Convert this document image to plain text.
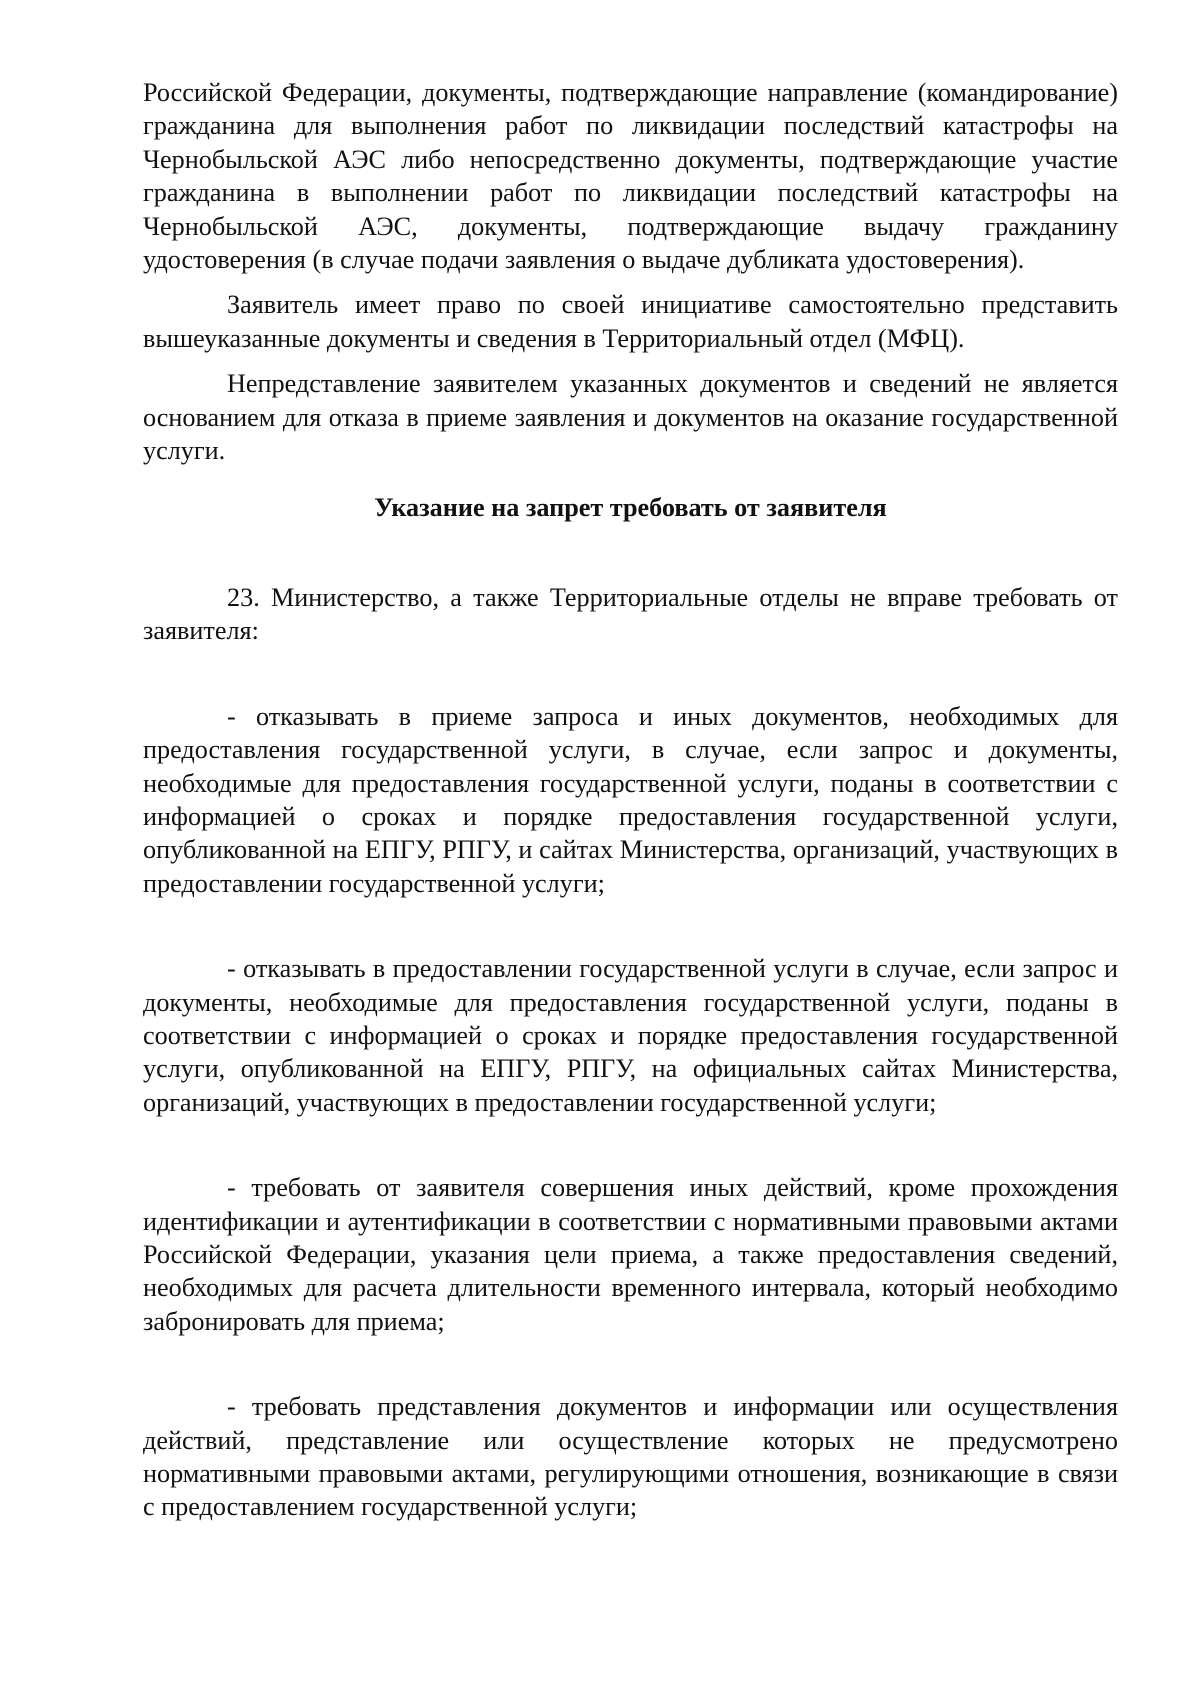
Российской Федерации, документы, подтверждающие направление (командирование) гражданина для выполнения работ по ликвидации последствий катастрофы на Чернобыльской АЭС либо непосредственно документы, подтверждающие участие гражданина в выполнении работ по ликвидации последствий катастрофы на Чернобыльской АЭС, документы, подтверждающие выдачу гражданину удостоверения (в случае подачи заявления о выдаче дубликата удостоверения).

Заявитель имеет право по своей инициативе самостоятельно представить вышеуказанные документы и сведения в Территориальный отдел (МФЦ).

Непредставление заявителем указанных документов и сведений не является основанием для отказа в приеме заявления и документов на оказание государственной услуги.

Указание на запрет требовать от заявителя

23. Министерство, а также Территориальные отделы не вправе требовать от заявителя:

- отказывать в приеме запроса и иных документов, необходимых для предоставления государственной услуги, в случае, если запрос и документы, необходимые для предоставления государственной услуги, поданы в соответствии с информацией о сроках и порядке предоставления государственной услуги, опубликованной на ЕПГУ, РПГУ, и сайтах Министерства, организаций, участвующих в предоставлении государственной услуги;

- отказывать в предоставлении государственной услуги в случае, если запрос и документы, необходимые для предоставления государственной услуги, поданы в соответствии с информацией о сроках и порядке предоставления государственной услуги, опубликованной на ЕПГУ, РПГУ, на официальных сайтах Министерства, организаций, участвующих в предоставлении государственной услуги;

- требовать от заявителя совершения иных действий, кроме прохождения идентификации и аутентификации в соответствии с нормативными правовыми актами Российской Федерации, указания цели приема, а также предоставления сведений, необходимых для расчета длительности временного интервала, который необходимо забронировать для приема;

- требовать представления документов и информации или осуществления действий, представление или осуществление которых не предусмотрено нормативными правовыми актами, регулирующими отношения, возникающие в связи с предоставлением государственной услуги;
